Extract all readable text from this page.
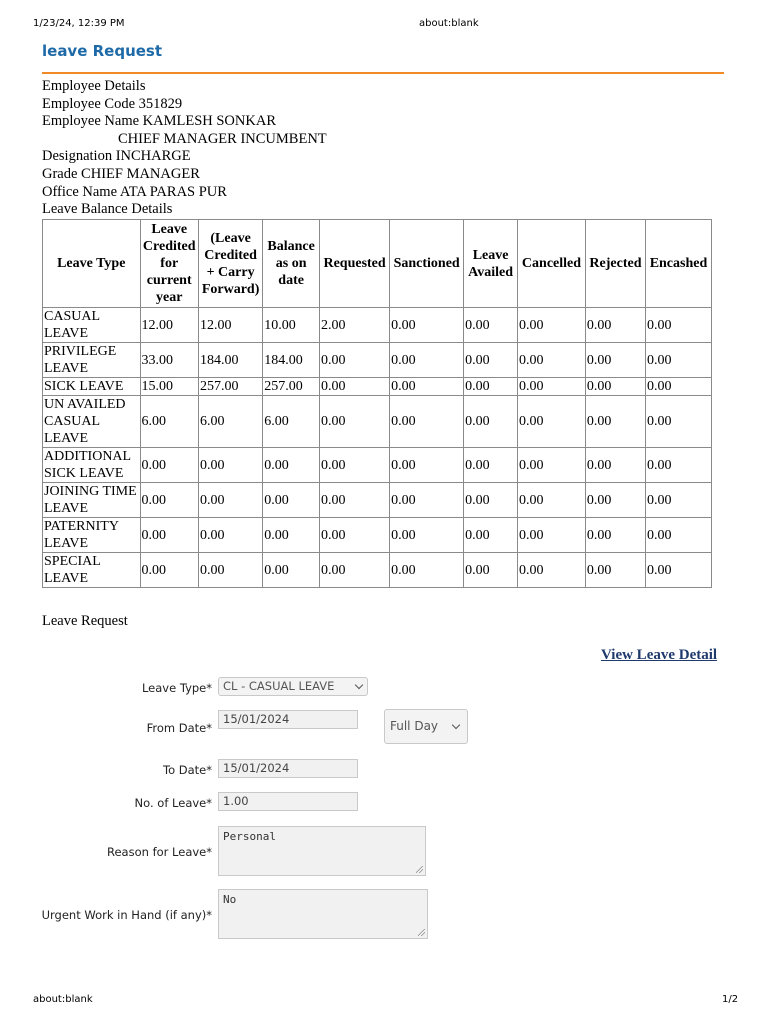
1/23/24, 12:39 PM	about:blank
leave Request
Employee Details
Employee Code 351829
Employee Name KAMLESH SONKAR
CHIEF MANAGER INCUMBENT
Designation INCHARGE
Grade CHIEF MANAGER
Office Name ATA PARAS PUR
Leave Balance Details
Leave Type	Leave Credited for current year	(Leave Credited + Carry Forward)	Balance as on date	Requested	Sanctioned	Leave Availed	Cancelled	Rejected	Encashed
CASUAL LEAVE	12.00	12.00	10.00	2.00	0.00	0.00	0.00	0.00	0.00
PRIVILEGE LEAVE	33.00	184.00	184.00	0.00	0.00	0.00	0.00	0.00	0.00
SICK LEAVE	15.00	257.00	257.00	0.00	0.00	0.00	0.00	0.00	0.00
UN AVAILED CASUAL LEAVE	6.00	6.00	6.00	0.00	0.00	0.00	0.00	0.00	0.00
ADDITIONAL SICK LEAVE	0.00	0.00	0.00	0.00	0.00	0.00	0.00	0.00	0.00
JOINING TIME LEAVE	0.00	0.00	0.00	0.00	0.00	0.00	0.00	0.00	0.00
PATERNITY LEAVE	0.00	0.00	0.00	0.00	0.00	0.00	0.00	0.00	0.00
SPECIAL LEAVE	0.00	0.00	0.00	0.00	0.00	0.00	0.00	0.00	0.00
Leave Request
View Leave Detail
Leave Type* CL - CASUAL LEAVE
From Date*
15/01/2024	Full Day
To Date* 15/01/2024
No. of Leave* 1.00
Reason for Leave*
Personal
Urgent Work in Hand (if any)*
No
about:blank	1/2
